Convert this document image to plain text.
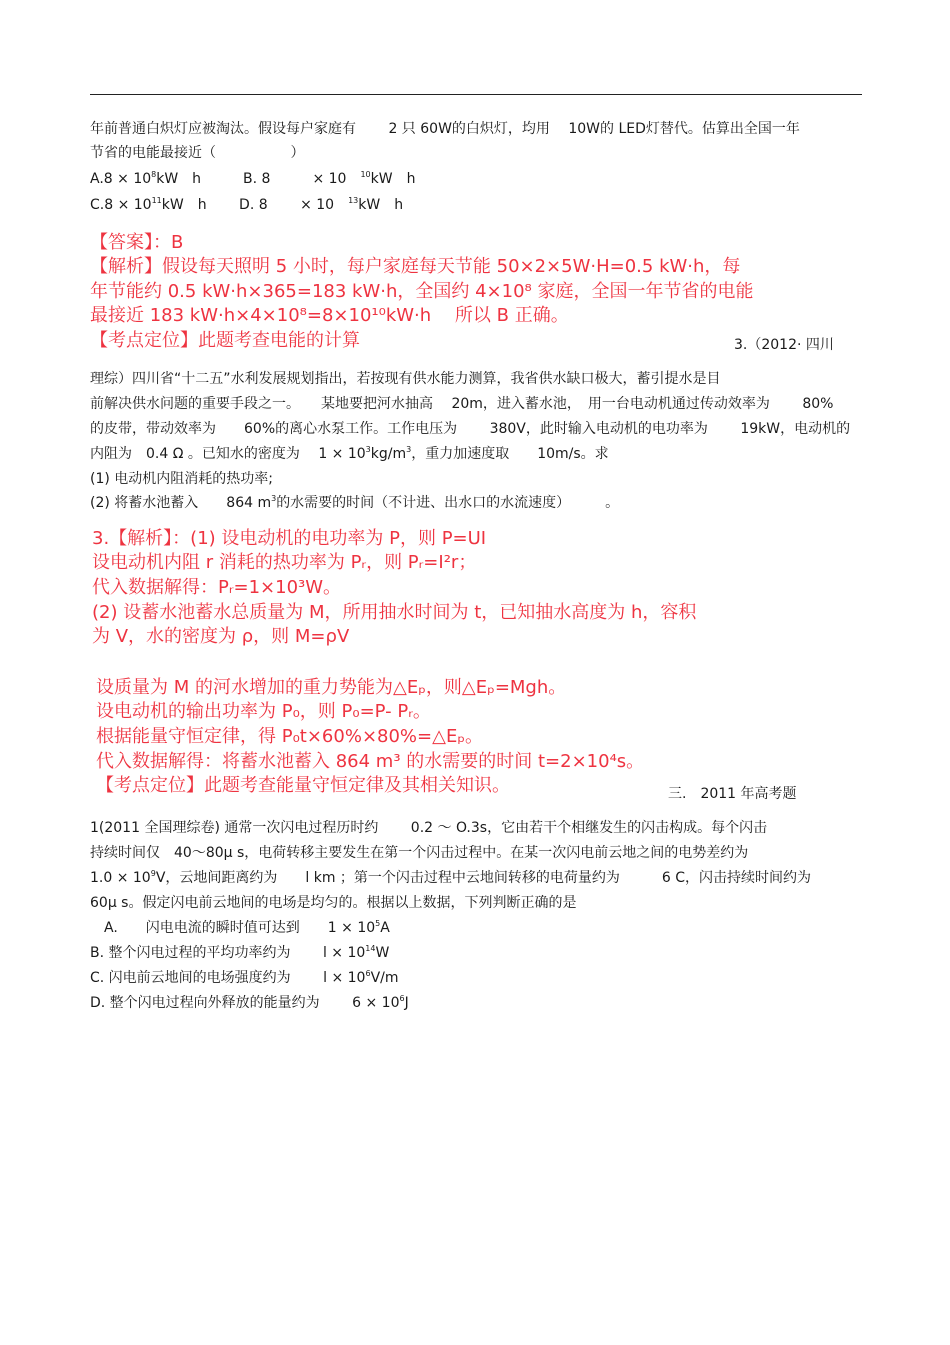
年前普通白炽灯应被淘汰。假设每户家庭有　　 2 只 60W的白炽灯，均用　 10W的 LED灯替代。估算出全国一年
节省的电能最接近（　　　　　 ）
$A.8 \times 10^8kW$　h　　　B. 8　　　× 10　$^{10}$kW　h
$C.8 \times 10^{11}kW$　h　　 D. 8　　 × 10　$^{13}$kW　h
【答案】：B
【解析】假设每天照明 5 小时，每户家庭每天节能 50×2×5W·H=0.5 kW·h，每
年节能约 0.5 kW·h×365=183 kW·h，全国约 4×10⁸ 家庭，全国一年节省的电能
最接近 183 kW·h×4×10⁸=8×10¹⁰kW·h　 所以 B 正确。
【考点定位】此题考查电能的计算	3.（2012· 四川
理综）四川省“十二五”水利发展规划指出，若按现有供水能力测算，我省供水缺口极大，蓄引提水是目
前解决供水问题的重要手段之一。　　某地要把河水抽高　 20m，进入蓄水池，　用一台电动机通过传动效率为　　 80%
的皮带，带动效率为　　60%的离心水泵工作。工作电压为　　 380V，此时输入电动机的电功率为　　 19kW，电动机的
内阻为　0.4 Ω 。已知水的密度为　 $1 \times 10^3kg/m^3$，重力加速度取　　10m/s。求
(1) 电动机内阻消耗的热功率;
(2) 将蓄水池蓄入　　864 $m^3$的水需要的时间（不计进、出水口的水流速度）　　　。
3.【解析】：(1) 设电动机的电功率为 P，则 P=UI
设电动机内阻 r 消耗的热功率为 Pᵣ，则 Pᵣ=I²r；
代入数据解得：Pᵣ=1×10³W。
(2) 设蓄水池蓄水总质量为 M，所用抽水时间为 t，已知抽水高度为 h，容积
为 V，水的密度为 ρ，则 M=ρV
设质量为 M 的河水增加的重力势能为△Eₚ，则△Eₚ=Mgh。
设电动机的输出功率为 P₀，则 P₀=P- Pᵣ。
根据能量守恒定律，得 P₀t×60%×80%=△Eₚ。
代入数据解得：将蓄水池蓄入 864 m³ 的水需要的时间 t=2×10⁴s。
【考点定位】此题考查能量守恒定律及其相关知识。	三.　2011 年高考题
1(2011 全国理综卷) 通常一次闪电过程历时约　　 0.2 ～ O.3s，它由若干个相继发生的闪击构成。每个闪击
持续时间仅　40～80μ s，电荷转移主要发生在第一个闪击过程中。在某一次闪电前云地之间的电势差约为
$1.0 \times 10^9V$，云地间距离约为　　l km ；第一个闪击过程中云地间转移的电荷量约为　　　6 C，闪击持续时间约为
60μ s。假定闪电前云地间的电场是均匀的。根据以上数据，下列判断正确的是
　A.　　闪电电流的瞬时值可达到　　$1 \times 10^5A$
B. 整个闪电过程的平均功率约为　　 $l \times 10^{14}W$
C. 闪电前云地间的电场强度约为　　 $l \times 10^6V/m$
D. 整个闪电过程向外释放的能量约为　　 $6 \times 10^6J$
